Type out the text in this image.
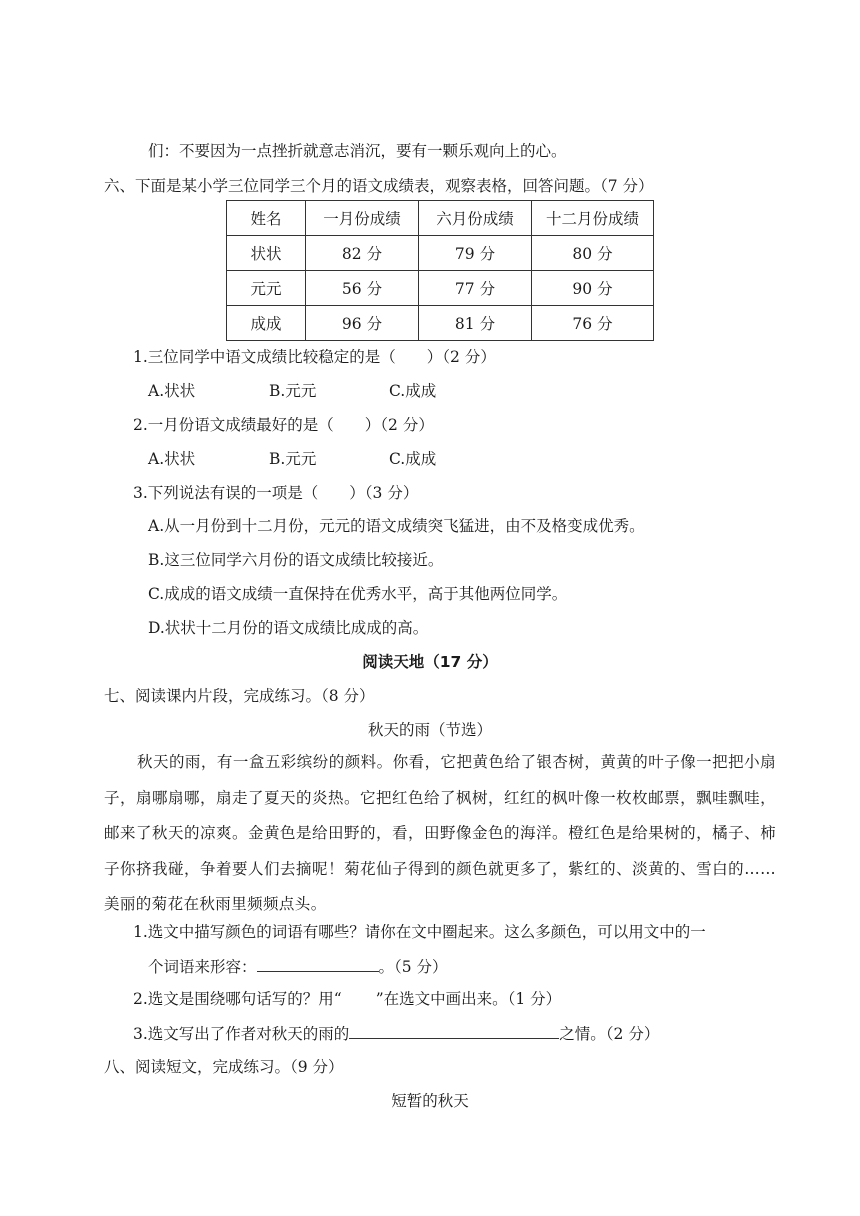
们：不要因为一点挫折就意志消沉，要有一颗乐观向上的心。
六、下面是某小学三位同学三个月的语文成绩表，观察表格，回答问题。（7 分）
姓名	一月份成绩	六月份成绩	十二月份成绩
状状	82 分	79 分	80 分
元元	56 分	77 分	90 分
成成	96 分	81 分	76 分
1.三位同学中语文成绩比较稳定的是（　　）（2 分）
A.状状	B.元元	C.成成
2.一月份语文成绩最好的是（　　）（2 分）
A.状状	B.元元	C.成成
3.下列说法有误的一项是（　　）（3 分）
A.从一月份到十二月份，元元的语文成绩突飞猛进，由不及格变成优秀。
B.这三位同学六月份的语文成绩比较接近。
C.成成的语文成绩一直保持在优秀水平，高于其他两位同学。
D.状状十二月份的语文成绩比成成的高。
阅读天地（17 分）
七、阅读课内片段，完成练习。（8 分）
秋天的雨（节选）
秋天的雨，有一盒五彩缤纷的颜料。你看，它把黄色给了银杏树，黄黄的叶子像一把把小扇子，扇哪扇哪，扇走了夏天的炎热。它把红色给了枫树，红红的枫叶像一枚枚邮票，飘哇飘哇，邮来了秋天的凉爽。金黄色是给田野的，看，田野像金色的海洋。橙红色是给果树的，橘子、柿子你挤我碰，争着要人们去摘呢！菊花仙子得到的颜色就更多了，紫红的、淡黄的、雪白的……美丽的菊花在秋雨里频频点头。
1.选文中描写颜色的词语有哪些？请你在文中圈起来。这么多颜色，可以用文中的一
个词语来形容：	。（5 分）
2.选文是围绕哪句话写的？用“ ”在选文中画出来。（1 分）
3.选文写出了作者对秋天的雨的	之情。（2 分）
八、阅读短文，完成练习。（9 分）
短暂的秋天
